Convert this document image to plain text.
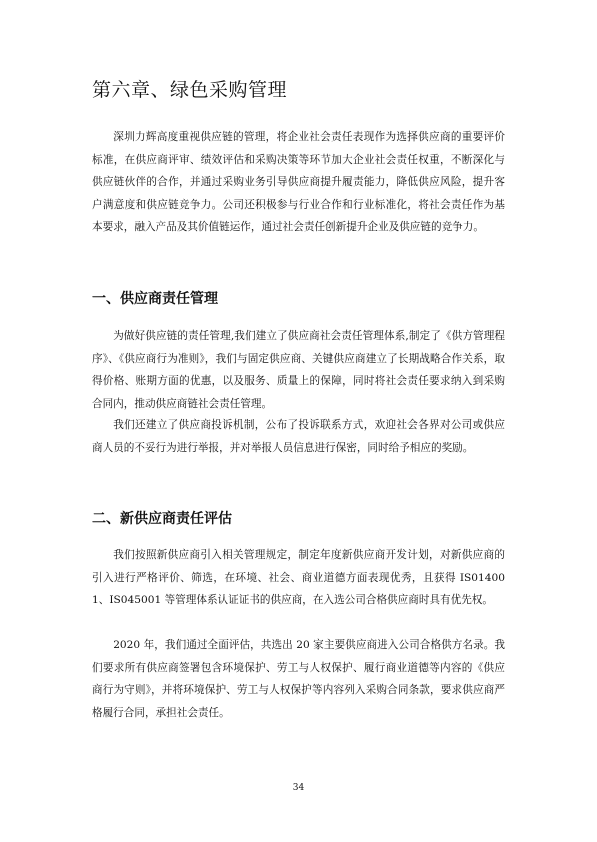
第六章、绿色采购管理

深圳力辉高度重视供应链的管理，将企业社会责任表现作为选择供应商的重要评价标准，在供应商评审、绩效评估和采购决策等环节加大企业社会责任权重，不断深化与供应链伙伴的合作，并通过采购业务引导供应商提升履责能力，降低供应风险，提升客户满意度和供应链竞争力。公司还积极参与行业合作和行业标准化，将社会责任作为基本要求，融入产品及其价值链运作，通过社会责任创新提升企业及供应链的竞争力。

一、供应商责任管理

为做好供应链的责任管理,我们建立了供应商社会责任管理体系,制定了《供方管理程序》、《供应商行为准则》，我们与固定供应商、关键供应商建立了长期战略合作关系，取得价格、账期方面的优惠，以及服务、质量上的保障，同时将社会责任要求纳入到采购合同内，推动供应商链社会责任管理。

我们还建立了供应商投诉机制，公布了投诉联系方式，欢迎社会各界对公司或供应商人员的不妥行为进行举报，并对举报人员信息进行保密，同时给予相应的奖励。

二、新供应商责任评估

我们按照新供应商引入相关管理规定，制定年度新供应商开发计划，对新供应商的引入进行严格评价、筛选，在环境、社会、商业道德方面表现优秀，且获得 IS014001、IS045001 等管理体系认证证书的供应商，在入选公司合格供应商时具有优先权。

2020 年，我们通过全面评估，共选出 20 家主要供应商进入公司合格供方名录。我们要求所有供应商签署包含环境保护、劳工与人权保护、履行商业道德等内容的《供应商行为守则》，并将环境保护、劳工与人权保护等内容列入采购合同条款，要求供应商严格履行合同，承担社会责任。

34
